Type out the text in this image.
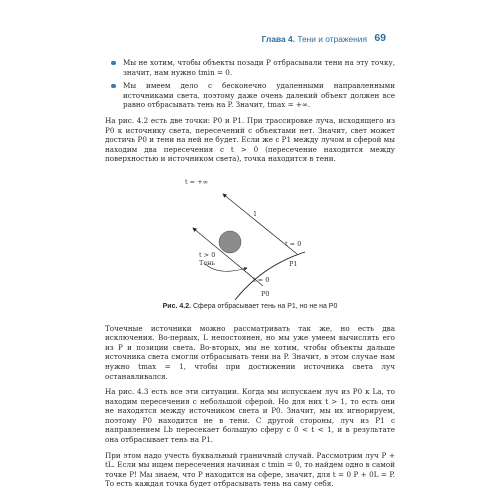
Глава 4. Тени и отражения 69
Мы не хотим, чтобы объекты позади P отбрасывали тени на эту точку, значит, нам нужно tmin = 0.
Мы имеем дело с бесконечно удаленными направленными источниками света, поэтому даже очень далекий объект должен все равно отбрасывать тень на P. Значит, tmax = +∞.

На рис. 4.2 есть две точки: P0 и P1. При трассировке луча, исходящего из P0 к источнику света, пересечений с объектами нет. Значит, свет может достичь P0 и тени на ней не будет. Если же с P1 между лучом и сферой мы находим два пересечения с t > 0 (пересечение находится между поверхностью и источником света), точка находится в тени.

t = +∞
t > 0
Тень
1
t = 0
t = 0
P1
P0
Рис. 4.2. Сфера отбрасывает тень на P1, но не на P0

Точечные источники можно рассматривать так же, но есть два исключения. Во-первых, L непостоянен, но мы уже умеем вычислять его из P и позиции света. Во-вторых, мы не хотим, чтобы объекты дальше источника света смогли отбрасывать тени на P. Значит, в этом случае нам нужно tmax = 1, чтобы при достижении источника света луч останавливался.

На рис. 4.3 есть все эти ситуации. Когда мы испускаем луч из P0 к La, то находим пересечения с небольшой сферой. Но для них t > 1, то есть они не находятся между источником света и P0. Значит, мы их игнорируем, поэтому P0 находится не в тени. С другой стороны, луч из P1 с направлением Lb пересекает большую сферу с 0 < t < 1, и в результате она отбрасывает тень на P1.

При этом надо учесть буквальный граничный случай. Рассмотрим луч P + tL. Если мы ищем пересечения начиная с tmin = 0, то найдем одно в самой точке P! Мы знаем, что P находится на сфере, значит, для t = 0 P + 0L = P. То есть каждая точка будет отбрасывать тень на саму себя.
